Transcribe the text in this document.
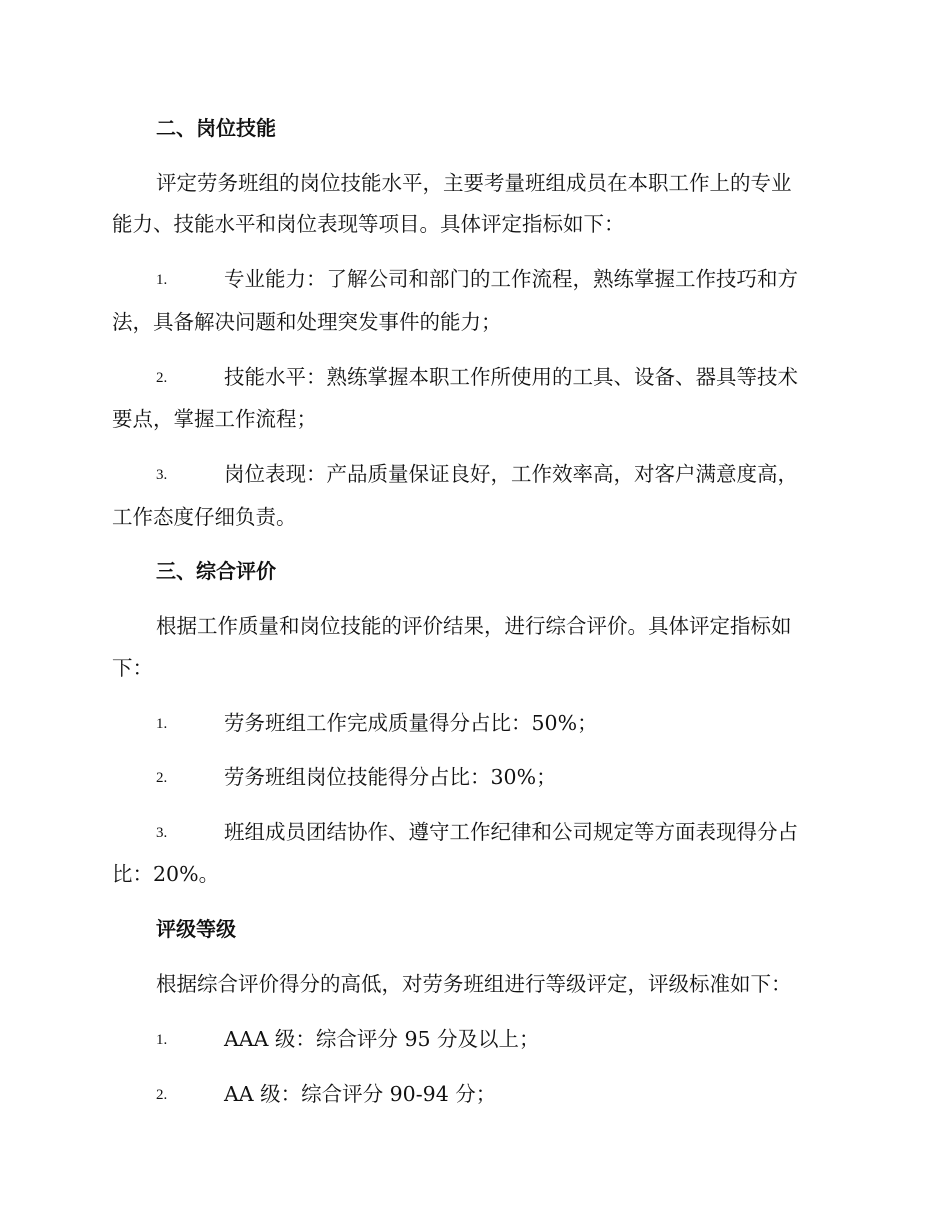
二、岗位技能
评定劳务班组的岗位技能水平，主要考量班组成员在本职工作上的专业
能力、技能水平和岗位表现等项目。具体评定指标如下：
1.	专业能力：了解公司和部门的工作流程，熟练掌握工作技巧和方
法，具备解决问题和处理突发事件的能力；
2.	技能水平：熟练掌握本职工作所使用的工具、设备、器具等技术
要点，掌握工作流程；
3.	岗位表现：产品质量保证良好，工作效率高，对客户满意度高，
工作态度仔细负责。
三、综合评价
根据工作质量和岗位技能的评价结果，进行综合评价。具体评定指标如
下：
1.	劳务班组工作完成质量得分占比：50%；
2.	劳务班组岗位技能得分占比：30%；
3.	班组成员团结协作、遵守工作纪律和公司规定等方面表现得分占
比：20%。
评级等级
根据综合评价得分的高低，对劳务班组进行等级评定，评级标准如下：
1.	AAA 级：综合评分 95 分及以上；
2.	AA 级：综合评分 90-94 分；
